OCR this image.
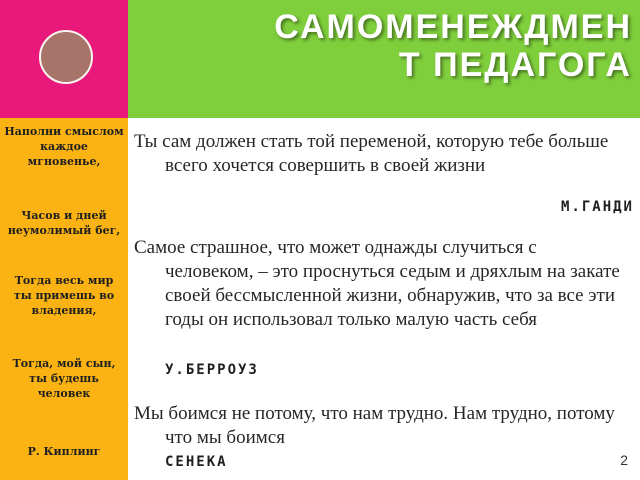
САМОМЕНЕЖДМЕНТ ПЕДАГОГА
Наполни смыслом каждое мгновенье,
Часов и дней неумолимый бег,
Тогда весь мир ты примешь во владения,
Тогда, мой сын, ты будешь человек
Р. Киплинг
Ты сам должен стать той переменой, которую тебе больше всего хочется совершить в своей жизни
М.ГАНДИ
Самое страшное, что может однажды случиться с человеком, – это проснуться седым и дряхлым на закате своей бессмысленной жизни, обнаружив, что за все эти годы он использовал только малую часть себя
У.БЕРРОУЗ
Мы боимся не потому, что нам трудно. Нам трудно, потому что мы боимся
СЕНЕКА	2
